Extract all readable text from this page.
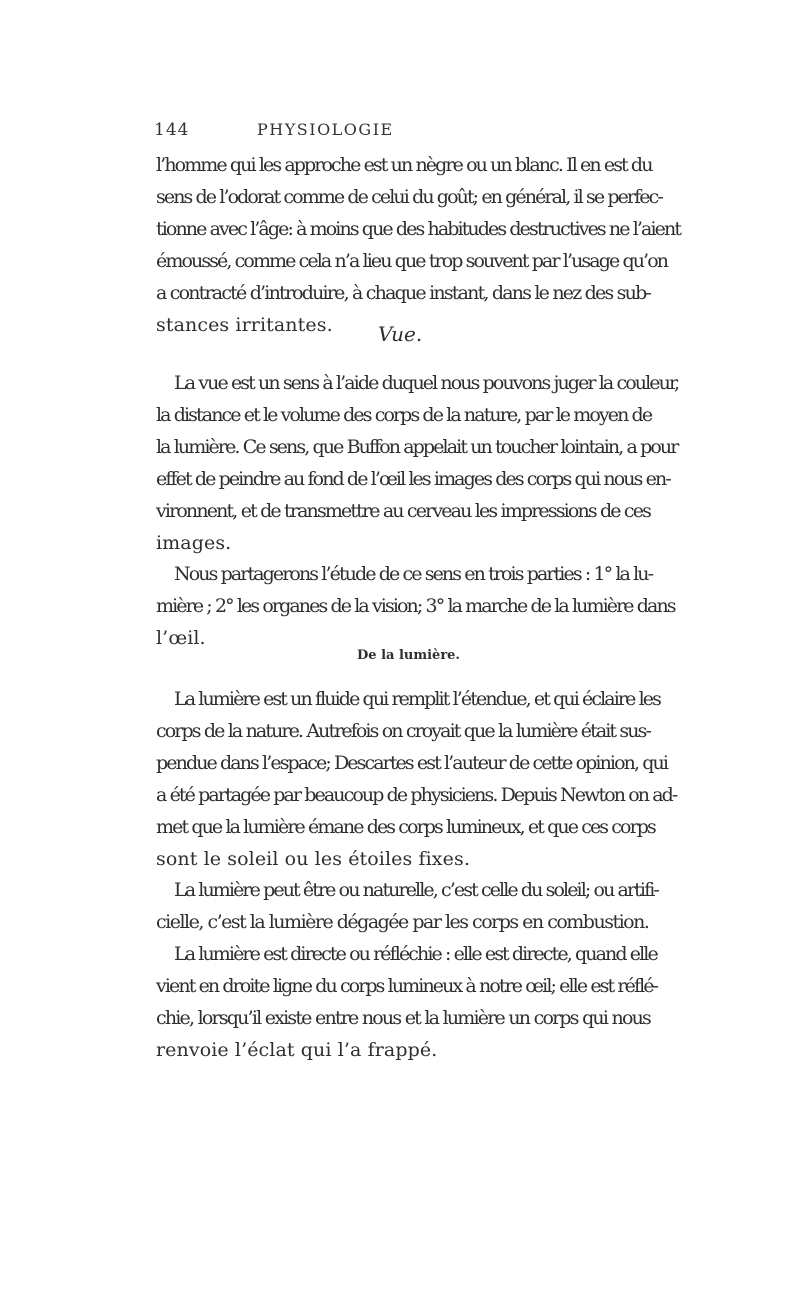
144	PHYSIOLOGIE
l’homme qui les approche est un nègre ou un blanc. Il en est du
sens de l’odorat comme de celui du goût; en général, il se perfec-
tionne avec l’âge: à moins que des habitudes destructives ne l’aient
émoussé, comme cela n’a lieu que trop souvent par l’usage qu’on
a contracté d’introduire, à chaque instant, dans le nez des sub-
stances irritantes.	Vue.
La vue est un sens à l’aide duquel nous pouvons juger la couleur,
la distance et le volume des corps de la nature, par le moyen de
la lumière. Ce sens, que Buffon appelait un toucher lointain, a pour
effet de peindre au fond de l’œil les images des corps qui nous en-
vironnent, et de transmettre au cerveau les impressions de ces
images.
Nous partagerons l’étude de ce sens en trois parties : 1° la lu-
mière ; 2° les organes de la vision; 3° la marche de la lumière dans
l’œil.
De la lumière.
La lumière est un fluide qui remplit l’étendue, et qui éclaire les
corps de la nature. Autrefois on croyait que la lumière était sus-
pendue dans l’espace; Descartes est l’auteur de cette opinion, qui
a été partagée par beaucoup de physiciens. Depuis Newton on ad-
met que la lumière émane des corps lumineux, et que ces corps
sont le soleil ou les étoiles fixes.
La lumière peut être ou naturelle, c’est celle du soleil; ou artifi-
cielle, c’est la lumière dégagée par les corps en combustion.
La lumière est directe ou réfléchie : elle est directe, quand elle
vient en droite ligne du corps lumineux à notre œil; elle est réflé-
chie, lorsqu’il existe entre nous et la lumière un corps qui nous
renvoie l’éclat qui l’a frappé.
